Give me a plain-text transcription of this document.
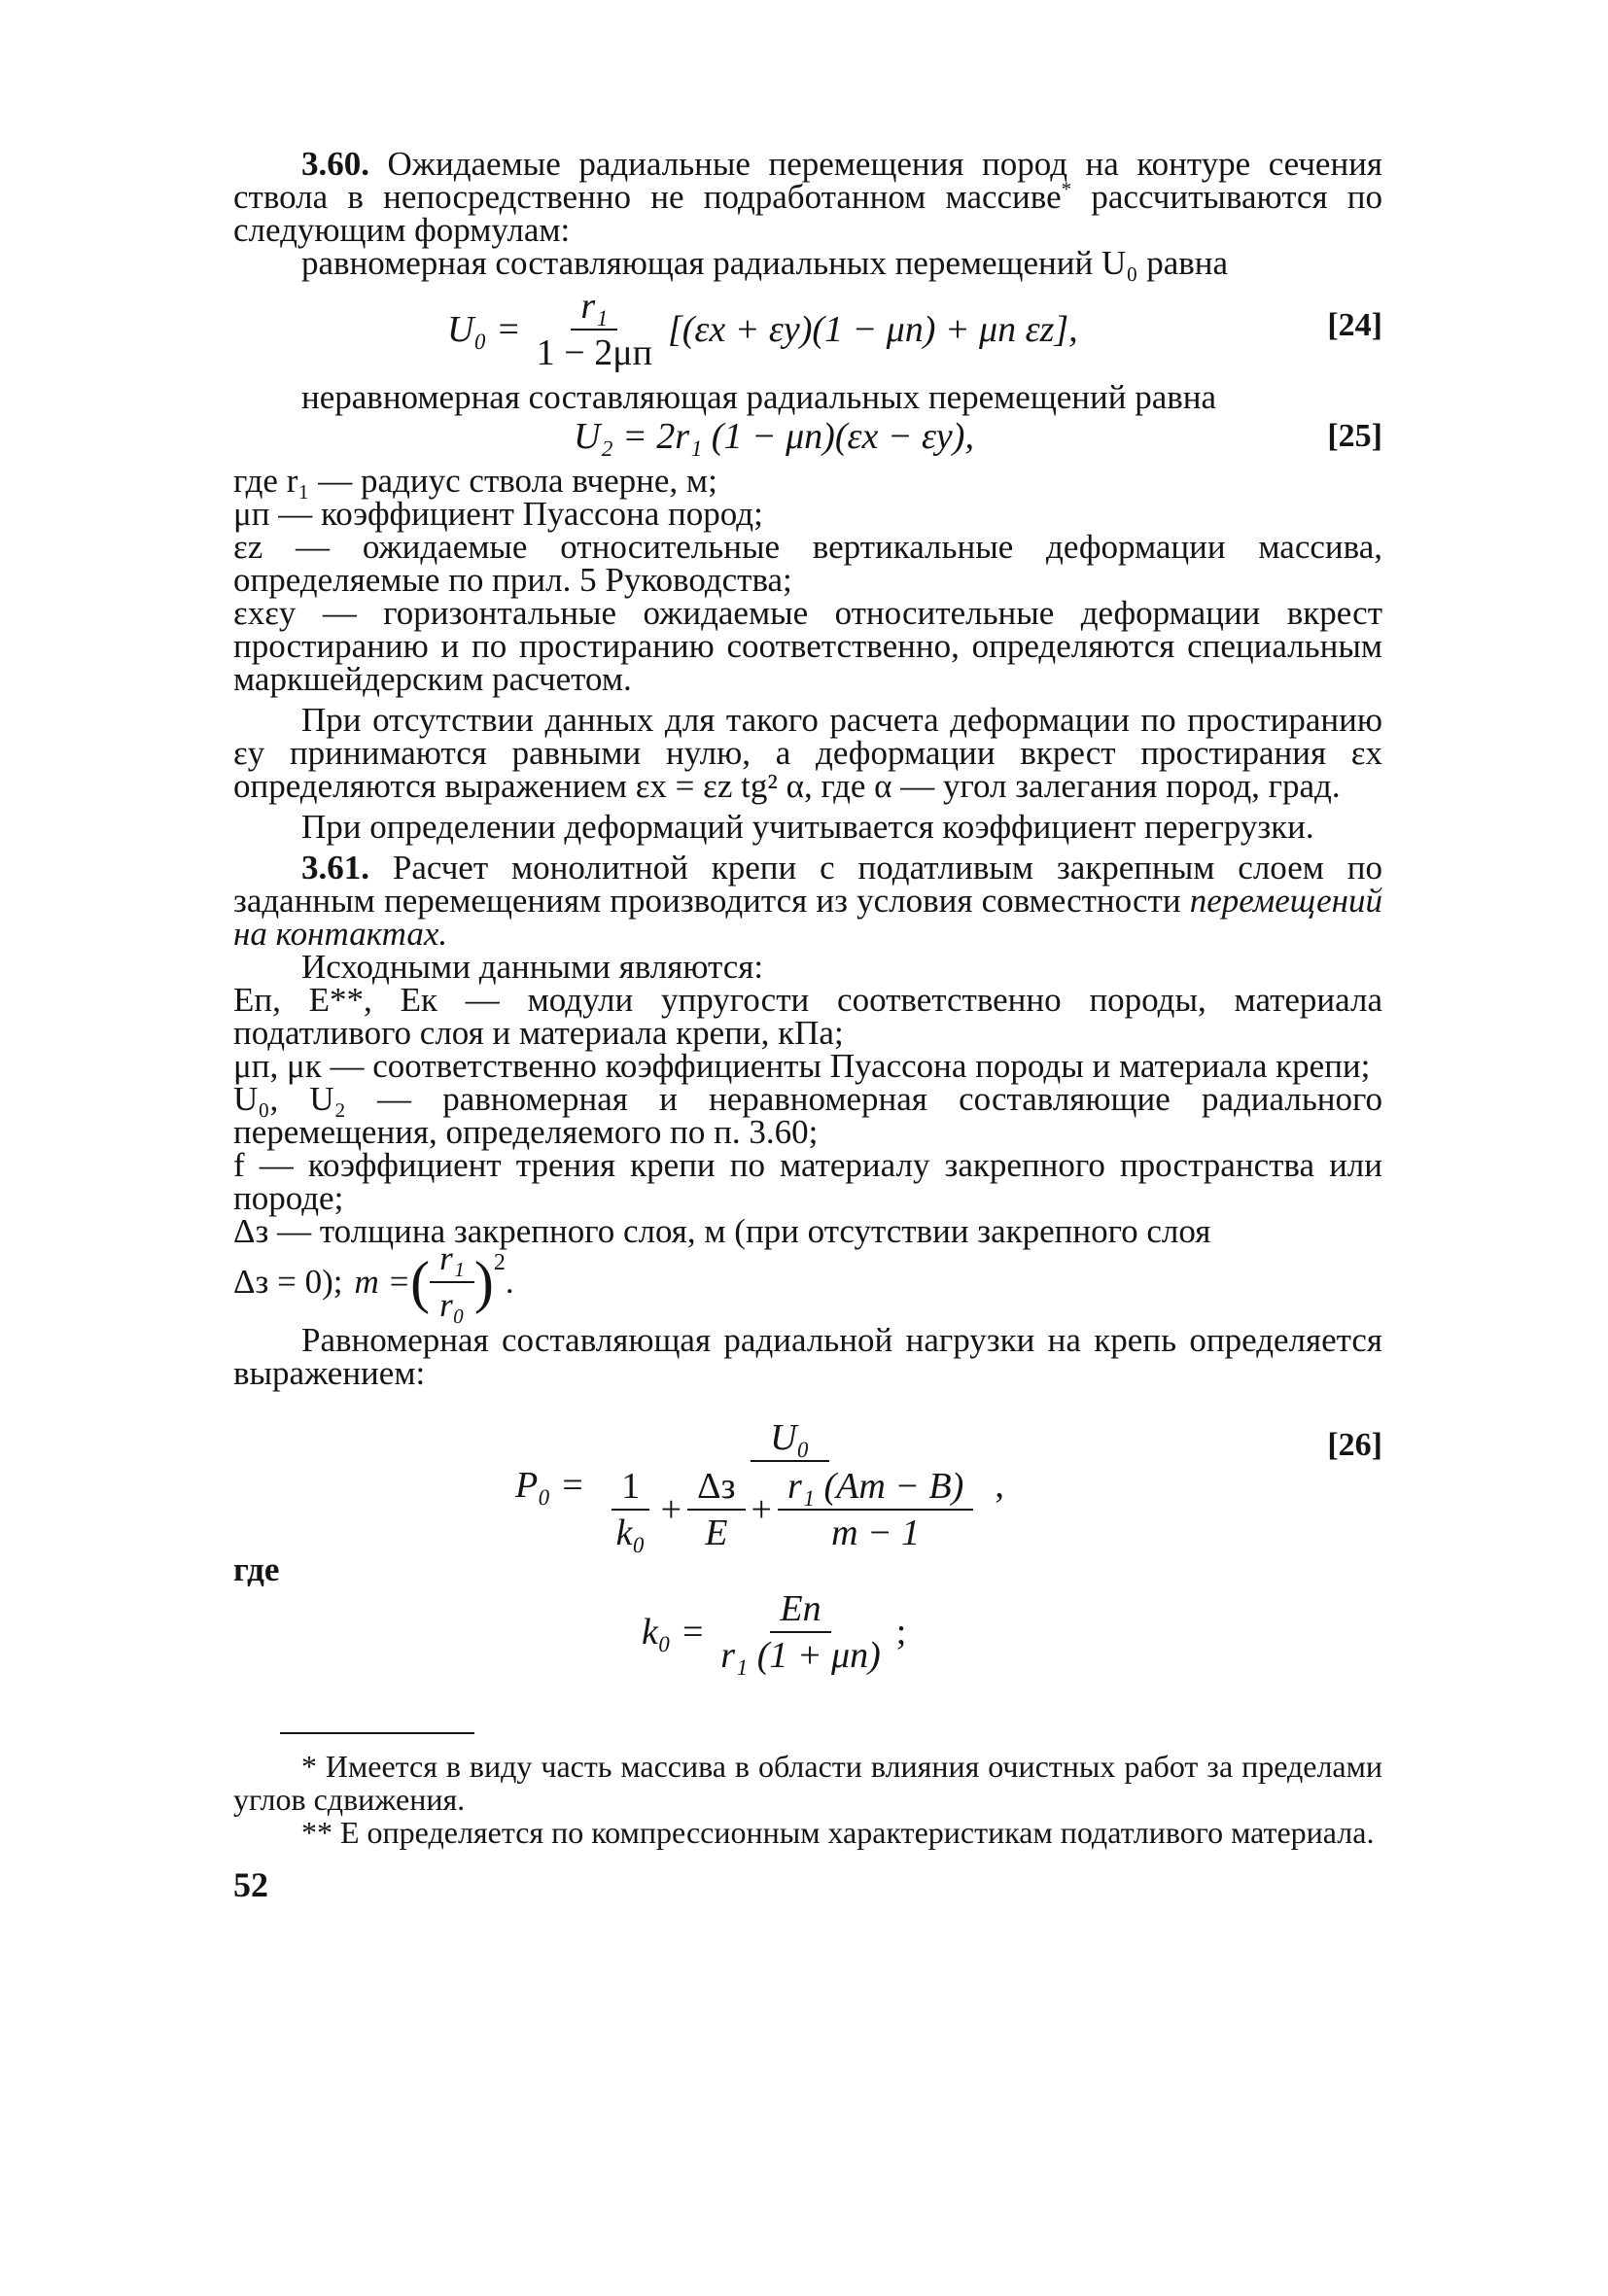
3.60. Ожидаемые радиальные перемещения пород на контуре сечения ствола в непосредственно не подработанном массиве* рассчитываются по следующим формулам:

равномерная составляющая радиальных перемещений U₀ равна

U₀ =
r₁
1 − 2μп
[(εx + εy)(1 − μп) + μп εz],	[24]

неравномерная составляющая радиальных перемещений равна

U₂ = 2r₁ (1 − μп)(εx − εy),	[25]

где r₁ — радиус ствола вчерне, м;

μп — коэффициент Пуассона пород;

εz — ожидаемые относительные вертикальные деформации массива, определяемые по прил. 5 Руководства;

εxεy — горизонтальные ожидаемые относительные деформации вкрест простиранию и по простиранию соответственно, определяются специальным маркшейдерским расчетом.

При отсутствии данных для такого расчета деформации по простиранию εy принимаются равными нулю, а деформации вкрест простирания εx определяются выражением εx = εz tg² α, где α — угол залегания пород, град.

При определении деформаций учитывается коэффициент перегрузки.

3.61. Расчет монолитной крепи с податливым закрепным слоем по заданным перемещениям производится из условия совместности перемещений на контактах.

Исходными данными являются:

Eп, E**, Eк — модули упругости соответственно породы, материала податливого слоя и материала крепи, кПа;

μп, μк — соответственно коэффициенты Пуассона породы и материала крепи;

U₀, U₂ — равномерная и неравномерная составляющие радиального перемещения, определяемого по п. 3.60;

f — коэффициент трения крепи по материалу закрепного пространства или породе;

Δз — толщина закрепного слоя, м (при отсутствии закрепного слоя

Δз = 0); m = ( $\frac{\text{r₁}}{\text{r₀}} )^2$ .

Равномерная составляющая радиальной нагрузки на крепь определяется выражением:

P₀ =
U₀
$\frac{1}{\text{k₀}}$ +
Δз
E
+ $\frac{\text{r₁ (Am − B)}}{m - 1}$ ,
[26]

где

k₀ =
Eп
r₁ (1 + μп)
;

* Имеется в виду часть массива в области влияния очистных работ за пределами углов сдвижения.

** E определяется по компрессионным характеристикам податливого материала.

52
